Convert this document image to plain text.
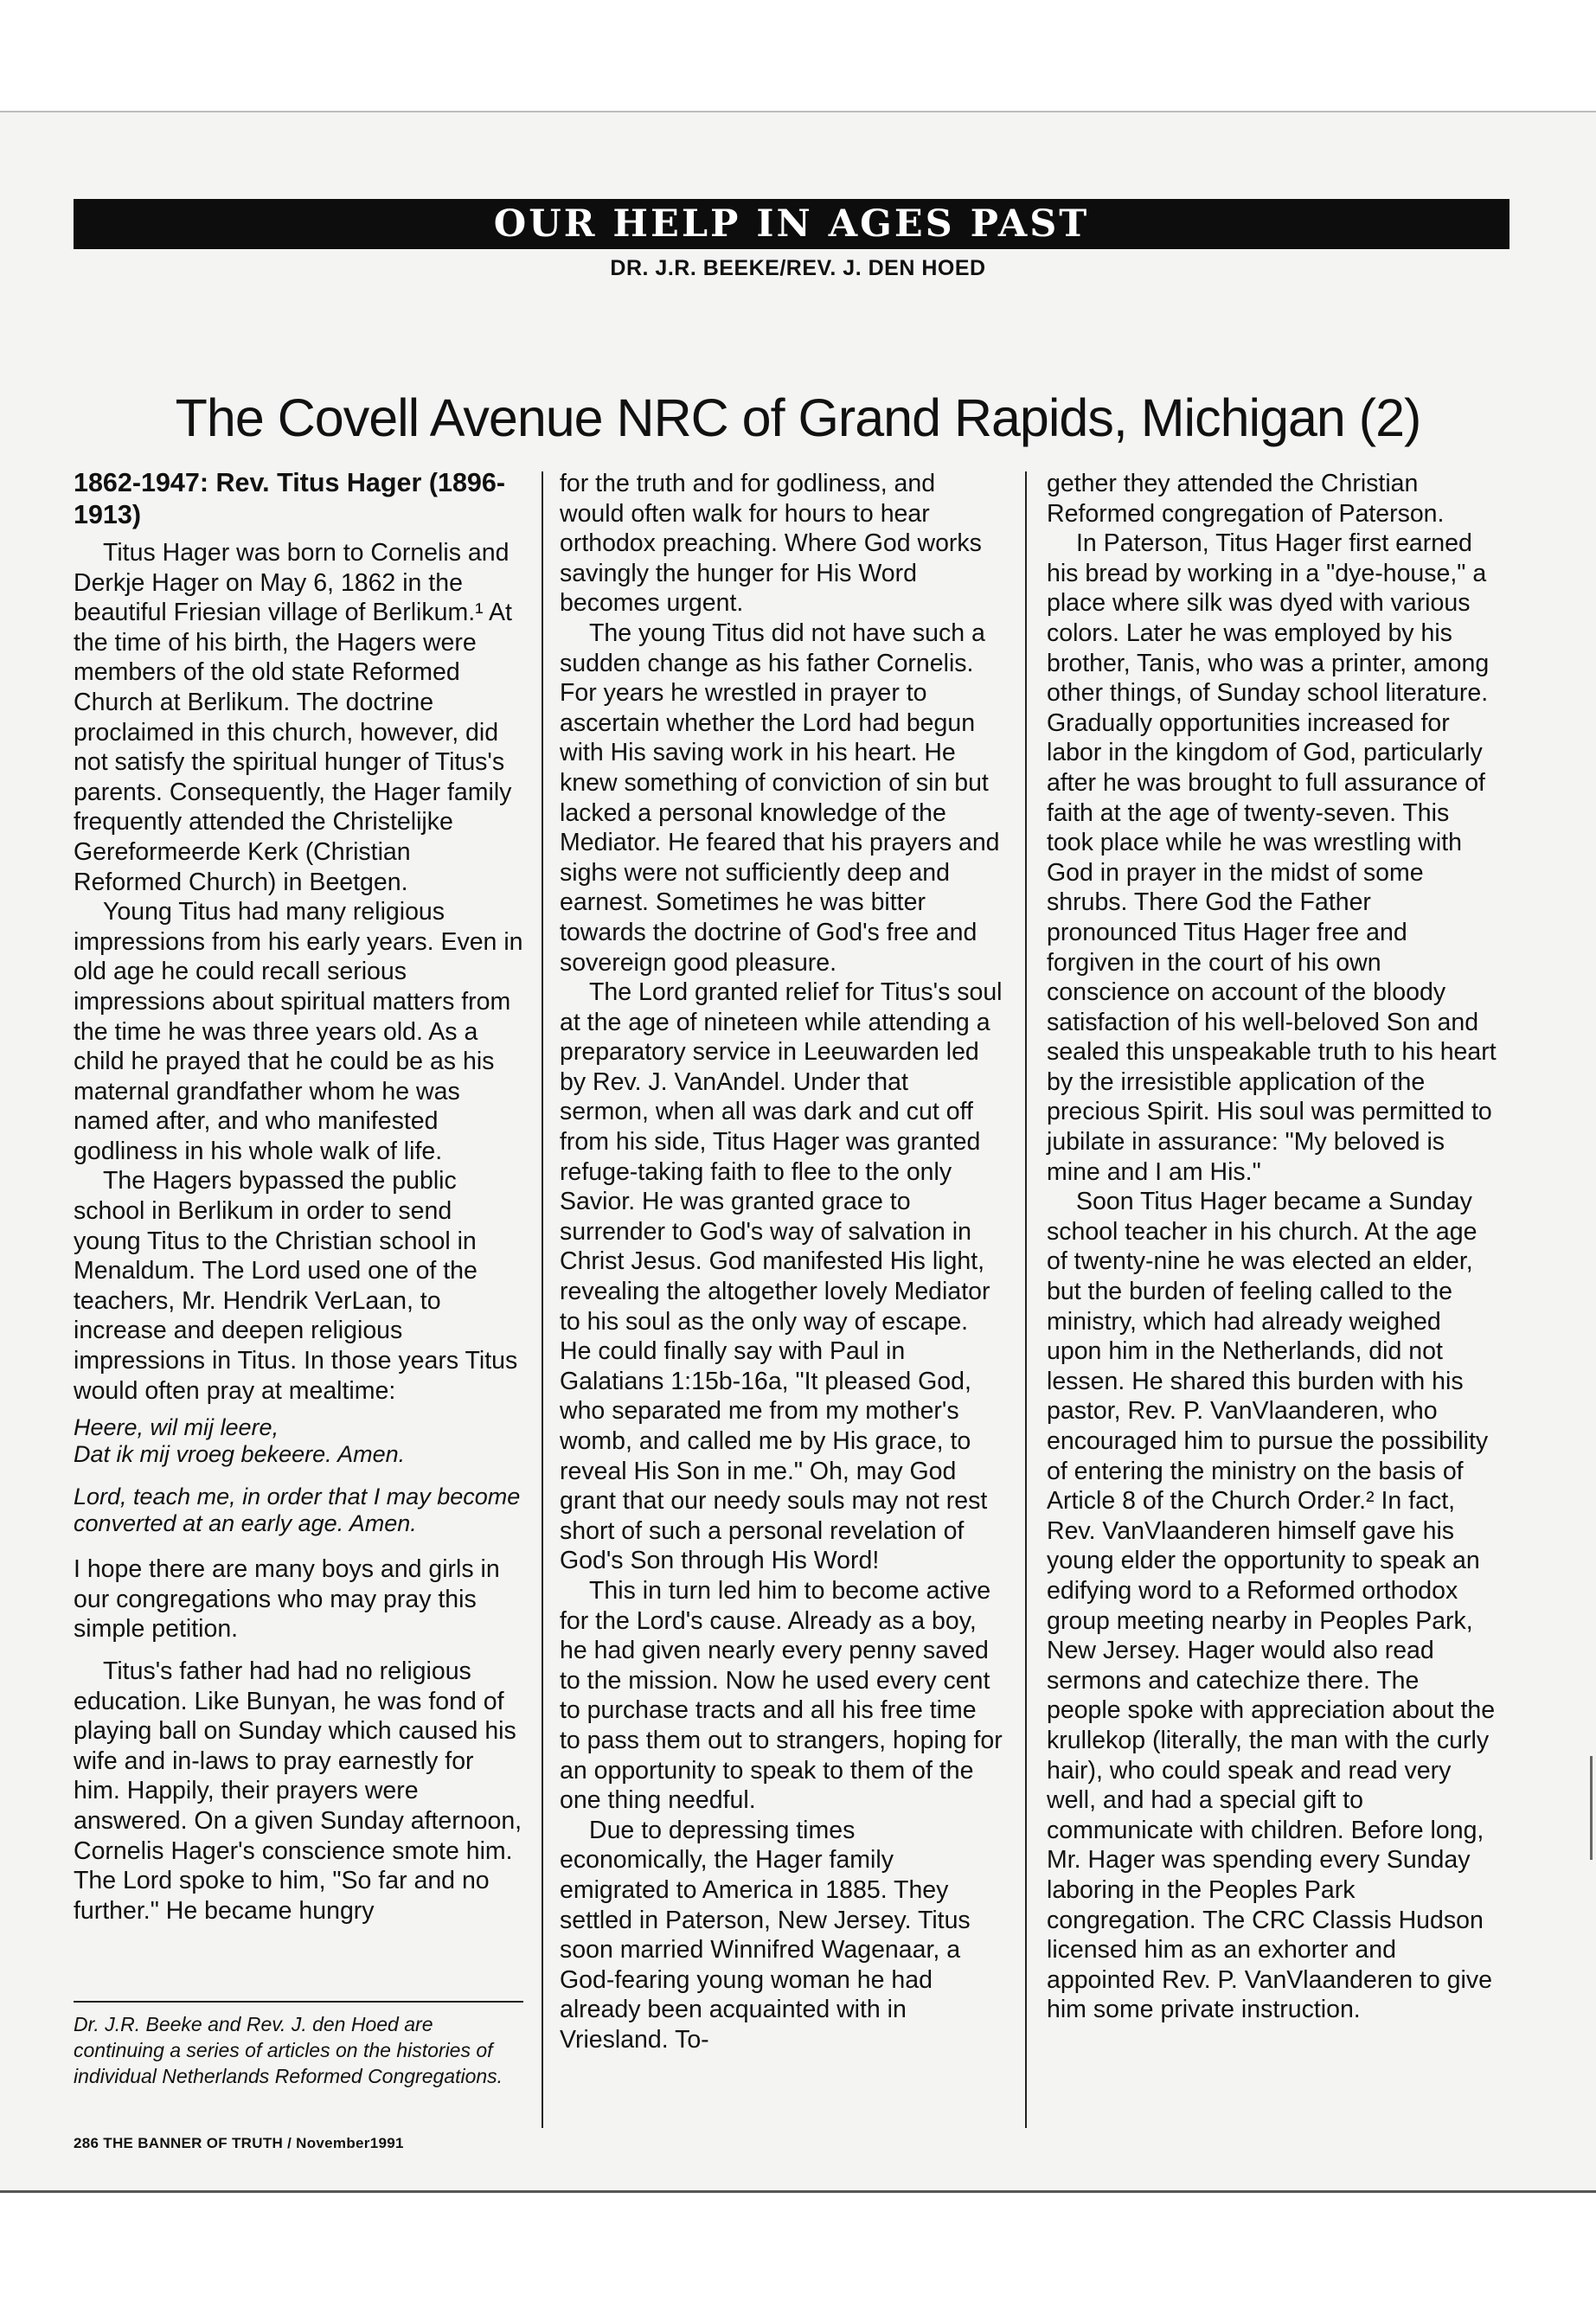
OUR HELP IN AGES PAST
DR. J.R. BEEKE/REV. J. DEN HOED
The Covell Avenue NRC of Grand Rapids, Michigan (2)
1862-1947: Rev. Titus Hager (1896-1913)

Titus Hager was born to Cornelis and Derkje Hager on May 6, 1862 in the beautiful Friesian village of Berlikum.¹ At the time of his birth, the Hagers were members of the old state Reformed Church at Berlikum. The doctrine proclaimed in this church, however, did not satisfy the spiritual hunger of Titus's parents. Consequently, the Hager family frequently attended the Christelijke Gereformeerde Kerk (Christian Reformed Church) in Beetgen.

Young Titus had many religious impressions from his early years. Even in old age he could recall serious impressions about spiritual matters from the time he was three years old. As a child he prayed that he could be as his maternal grandfather whom he was named after, and who manifested godliness in his whole walk of life.

The Hagers bypassed the public school in Berlikum in order to send young Titus to the Christian school in Menaldum. The Lord used one of the teachers, Mr. Hendrik VerLaan, to increase and deepen religious impressions in Titus. In those years Titus would often pray at mealtime:

Heere, wil mij leere,
Dat ik mij vroeg bekeere. Amen.
Lord, teach me, in order that I may become converted at an early age. Amen.

I hope there are many boys and girls in our congregations who may pray this simple petition.

Titus's father had had no religious education. Like Bunyan, he was fond of playing ball on Sunday which caused his wife and in-laws to pray earnestly for him. Happily, their prayers were answered. On a given Sunday afternoon, Cornelis Hager's conscience smote him. The Lord spoke to him, "So far and no further." He became hungry

Dr. J.R. Beeke and Rev. J. den Hoed are continuing a series of articles on the histories of individual Netherlands Reformed Congregations.
286 THE BANNER OF TRUTH / November1991

for the truth and for godliness, and would often walk for hours to hear orthodox preaching. Where God works savingly the hunger for His Word becomes urgent.

The young Titus did not have such a sudden change as his father Cornelis. For years he wrestled in prayer to ascertain whether the Lord had begun with His saving work in his heart. He knew something of conviction of sin but lacked a personal knowledge of the Mediator. He feared that his prayers and sighs were not sufficiently deep and earnest. Sometimes he was bitter towards the doctrine of God's free and sovereign good pleasure.

The Lord granted relief for Titus's soul at the age of nineteen while attending a preparatory service in Leeuwarden led by Rev. J. VanAndel. Under that sermon, when all was dark and cut off from his side, Titus Hager was granted refuge-taking faith to flee to the only Savior. He was granted grace to surrender to God's way of salvation in Christ Jesus. God manifested His light, revealing the altogether lovely Mediator to his soul as the only way of escape. He could finally say with Paul in Galatians 1:15b-16a, "It pleased God, who separated me from my mother's womb, and called me by His grace, to reveal His Son in me." Oh, may God grant that our needy souls may not rest short of such a personal revelation of God's Son through His Word!

This in turn led him to become active for the Lord's cause. Already as a boy, he had given nearly every penny saved to the mission. Now he used every cent to purchase tracts and all his free time to pass them out to strangers, hoping for an opportunity to speak to them of the one thing needful.

Due to depressing times economically, the Hager family emigrated to America in 1885. They settled in Paterson, New Jersey. Titus soon married Winnifred Wagenaar, a God-fearing young woman he had already been acquainted with in Vriesland. To-

gether they attended the Christian Reformed congregation of Paterson.

In Paterson, Titus Hager first earned his bread by working in a "dye-house," a place where silk was dyed with various colors. Later he was employed by his brother, Tanis, who was a printer, among other things, of Sunday school literature. Gradually opportunities increased for labor in the kingdom of God, particularly after he was brought to full assurance of faith at the age of twenty-seven. This took place while he was wrestling with God in prayer in the midst of some shrubs. There God the Father pronounced Titus Hager free and forgiven in the court of his own conscience on account of the bloody satisfaction of his well-beloved Son and sealed this unspeakable truth to his heart by the irresistible application of the precious Spirit. His soul was permitted to jubilate in assurance: "My beloved is mine and I am His."

Soon Titus Hager became a Sunday school teacher in his church. At the age of twenty-nine he was elected an elder, but the burden of feeling called to the ministry, which had already weighed upon him in the Netherlands, did not lessen. He shared this burden with his pastor, Rev. P. VanVlaanderen, who encouraged him to pursue the possibility of entering the ministry on the basis of Article 8 of the Church Order.² In fact, Rev. VanVlaanderen himself gave his young elder the opportunity to speak an edifying word to a Reformed orthodox group meeting nearby in Peoples Park, New Jersey. Hager would also read sermons and catechize there. The people spoke with appreciation about the krullekop (literally, the man with the curly hair), who could speak and read very well, and had a special gift to communicate with children. Before long, Mr. Hager was spending every Sunday laboring in the Peoples Park congregation. The CRC Classis Hudson licensed him as an exhorter and appointed Rev. P. VanVlaanderen to give him some private instruction.
